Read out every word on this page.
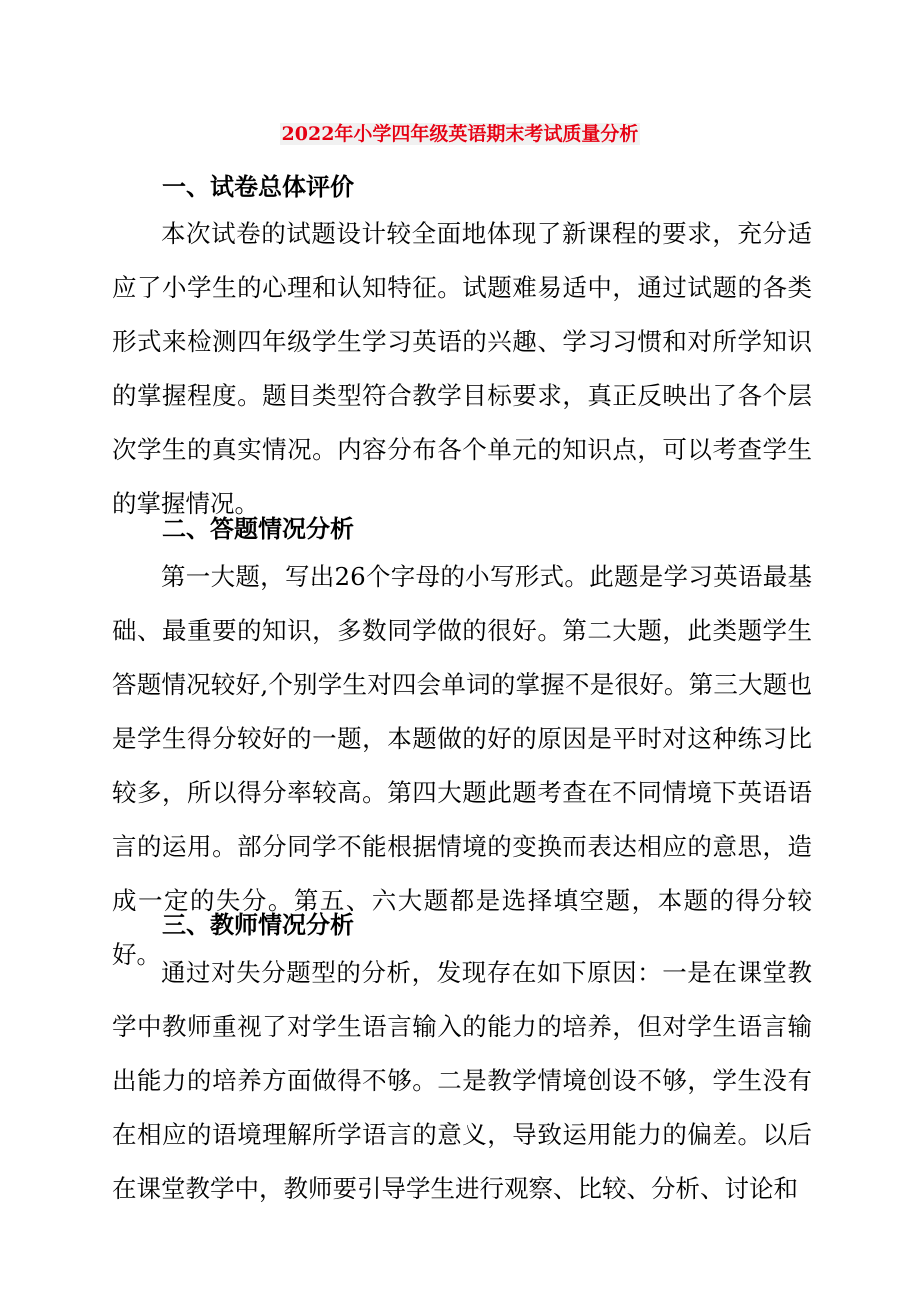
2022年小学四年级英语期末考试质量分析
一、试卷总体评价

本次试卷的试题设计较全面地体现了新课程的要求，充分适应了小学生的心理和认知特征。试题难易适中，通过试题的各类形式来检测四年级学生学习英语的兴趣、学习习惯和对所学知识的掌握程度。题目类型符合教学目标要求，真正反映出了各个层次学生的真实情况。内容分布各个单元的知识点，可以考查学生的掌握情况。

二、答题情况分析

第一大题，写出26个字母的小写形式。此题是学习英语最基础、最重要的知识，多数同学做的很好。第二大题，此类题学生答题情况较好,个别学生对四会单词的掌握不是很好。第三大题也是学生得分较好的一题，本题做的好的原因是平时对这种练习比较多，所以得分率较高。第四大题此题考查在不同情境下英语语言的运用。部分同学不能根据情境的变换而表达相应的意思，造成一定的失分。第五、六大题都是选择填空题，本题的得分较好。

三、教师情况分析

通过对失分题型的分析，发现存在如下原因：一是在课堂教学中教师重视了对学生语言输入的能力的培养，但对学生语言输出能力的培养方面做得不够。二是教学情境创设不够，学生没有在相应的语境理解所学语言的意义，导致运用能力的偏差。以后在课堂教学中，教师要引导学生进行观察、比较、分析、讨论和
